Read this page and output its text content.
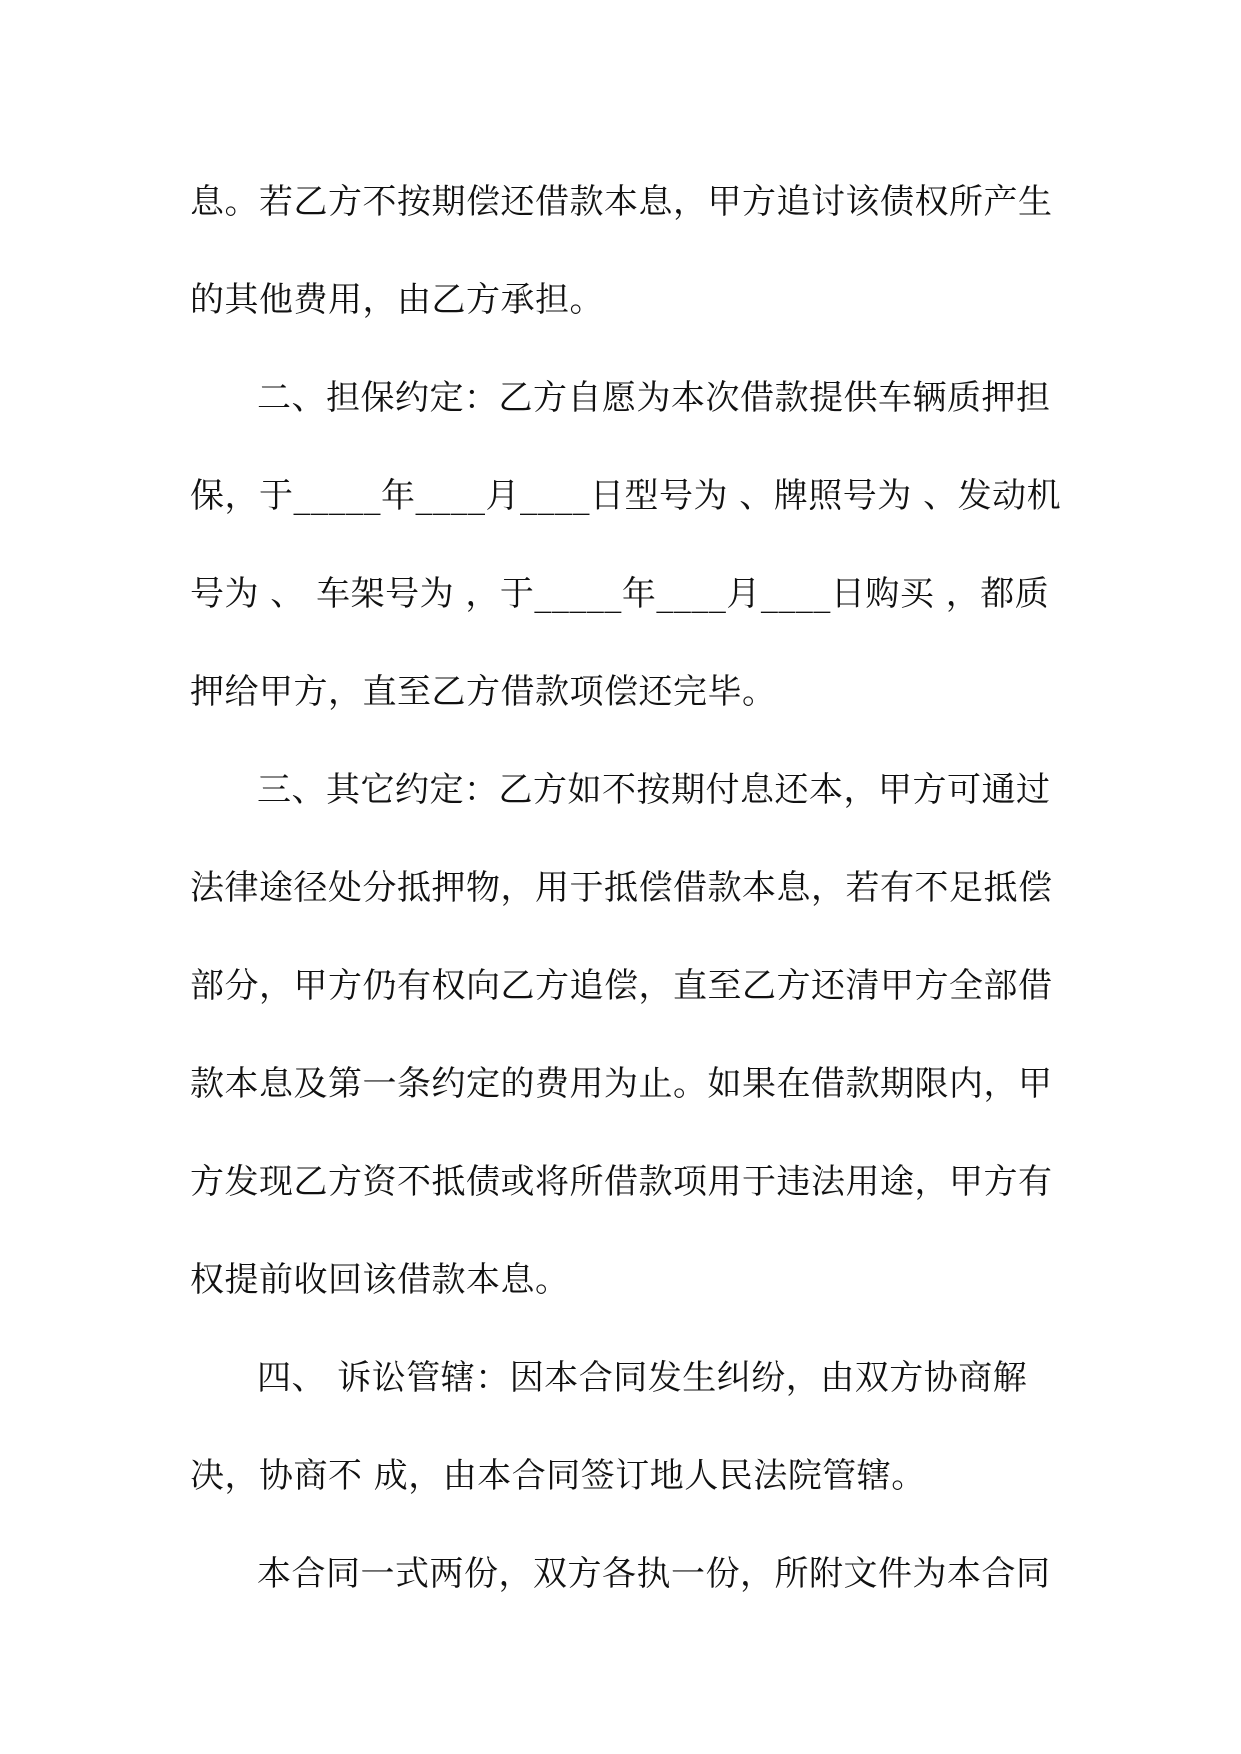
息。若乙方不按期偿还借款本息，甲方追讨该债权所产生
的其他费用，由乙方承担。
二、担保约定：乙方自愿为本次借款提供车辆质押担
保，于_____年____月____日型号为 、牌照号为 、发动机
号为 、 车架号为 ，于_____年____月____日购买 ，都质
押给甲方，直至乙方借款项偿还完毕。
三、其它约定：乙方如不按期付息还本，甲方可通过
法律途径处分抵押物，用于抵偿借款本息，若有不足抵偿
部分，甲方仍有权向乙方追偿，直至乙方还清甲方全部借
款本息及第一条约定的费用为止。如果在借款期限内，甲
方发现乙方资不抵债或将所借款项用于违法用途，甲方有
权提前收回该借款本息。
四、 诉讼管辖：因本合同发生纠纷，由双方协商解
决，协商不 成，由本合同签订地人民法院管辖。
本合同一式两份，双方各执一份，所附文件为本合同
